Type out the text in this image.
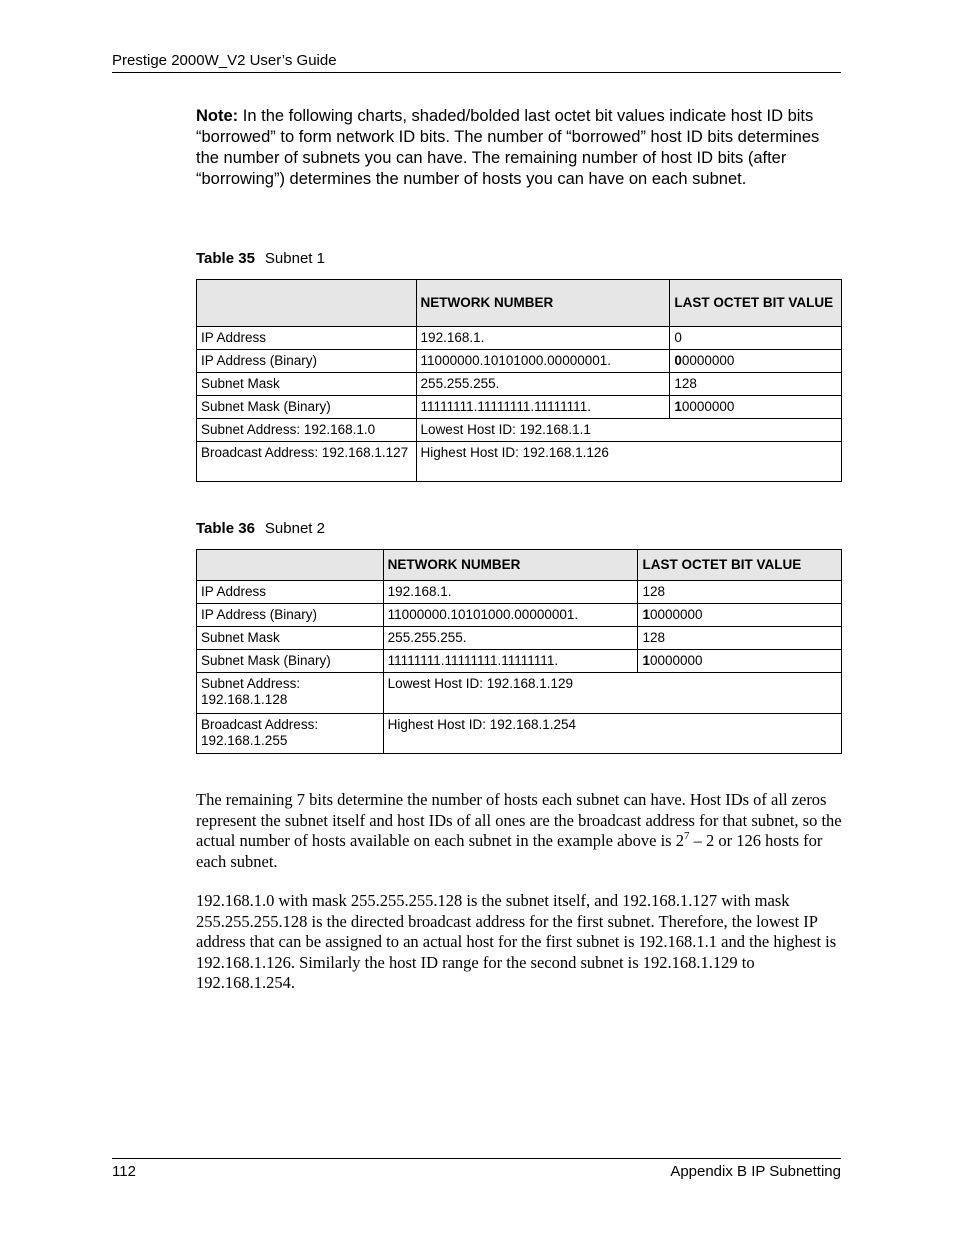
Prestige 2000W_V2 User’s Guide
Note: In the following charts, shaded/bolded last octet bit values indicate host ID bits “borrowed” to form network ID bits. The number of “borrowed” host ID bits determines the number of subnets you can have. The remaining number of host ID bits (after “borrowing”) determines the number of hosts you can have on each subnet.
Table 35 Subnet 1
	NETWORK NUMBER	LAST OCTET BIT VALUE
IP Address	192.168.1.	0
IP Address (Binary)	11000000.10101000.00000001.	00000000
Subnet Mask	255.255.255.	128
Subnet Mask (Binary)	11111111.11111111.11111111.	10000000
Subnet Address: 192.168.1.0	Lowest Host ID: 192.168.1.1	
Broadcast Address: 192.168.1.127	Highest Host ID: 192.168.1.126	
Table 36 Subnet 2
	NETWORK NUMBER	LAST OCTET BIT VALUE
IP Address	192.168.1.	128
IP Address (Binary)	11000000.10101000.00000001.	10000000
Subnet Mask	255.255.255.	128
Subnet Mask (Binary)	11111111.11111111.11111111.	10000000
Subnet Address: 192.168.1.128	Lowest Host ID: 192.168.1.129	
Broadcast Address: 192.168.1.255	Highest Host ID: 192.168.1.254	
The remaining 7 bits determine the number of hosts each subnet can have. Host IDs of all zeros represent the subnet itself and host IDs of all ones are the broadcast address for that subnet, so the actual number of hosts available on each subnet in the example above is $2^7 - 2$ or 126 hosts for each subnet.
192.168.1.0 with mask 255.255.255.128 is the subnet itself, and 192.168.1.127 with mask 255.255.255.128 is the directed broadcast address for the first subnet. Therefore, the lowest IP address that can be assigned to an actual host for the first subnet is 192.168.1.1 and the highest is 192.168.1.126. Similarly the host ID range for the second subnet is 192.168.1.129 to 192.168.1.254.
112	Appendix B IP Subnetting
